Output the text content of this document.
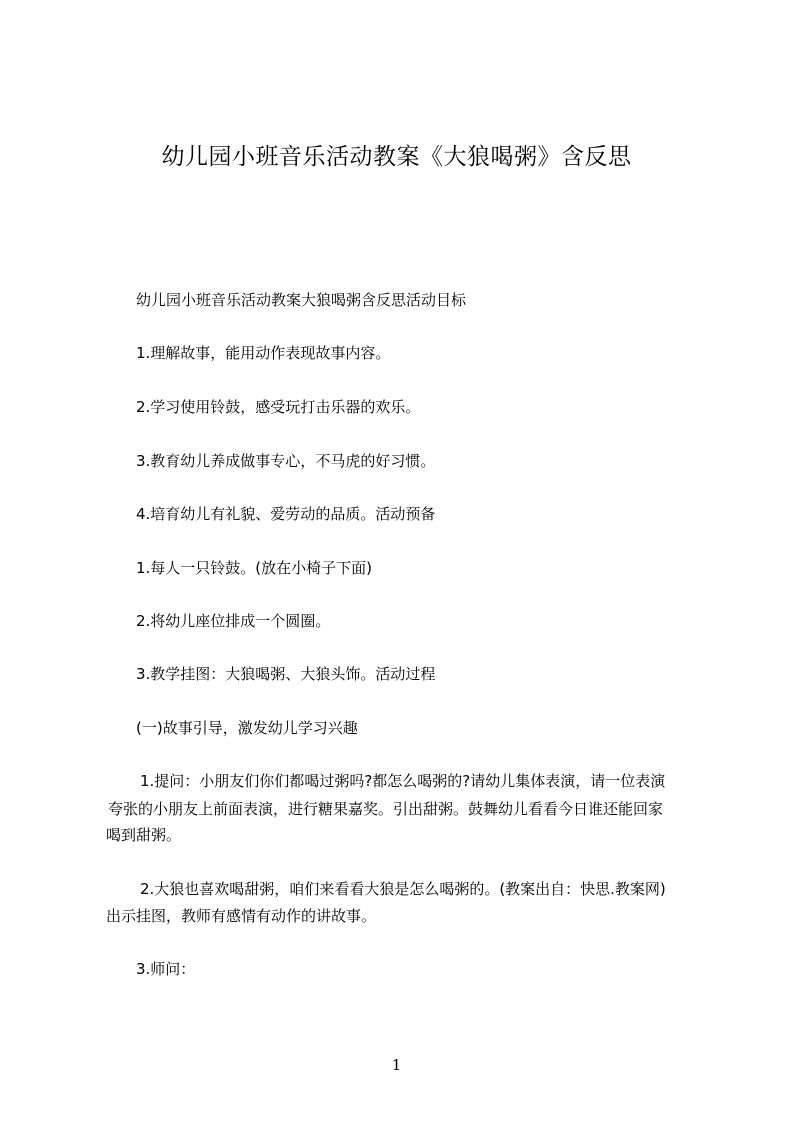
幼儿园小班音乐活动教案《大狼喝粥》含反思
幼儿园小班音乐活动教案大狼喝粥含反思活动目标
1.理解故事，能用动作表现故事内容。
2.学习使用铃鼓，感受玩打击乐器的欢乐。
3.教育幼儿养成做事专心，不马虎的好习惯。
4.培育幼儿有礼貌、爱劳动的品质。活动预备
1.每人一只铃鼓。(放在小椅子下面)
2.将幼儿座位排成一个圆圈。
3.教学挂图：大狼喝粥、大狼头饰。活动过程
(一)故事引导，激发幼儿学习兴趣
1.提问：小朋友们你们都喝过粥吗?都怎么喝粥的?请幼儿集体表演，请一位表演
夸张的小朋友上前面表演，进行糖果嘉奖。引出甜粥。鼓舞幼儿看看今日谁还能回家
喝到甜粥。
2.大狼也喜欢喝甜粥，咱们来看看大狼是怎么喝粥的。(教案出自：快思.教案网)
出示挂图，教师有感情有动作的讲故事。
3.师问：
1
